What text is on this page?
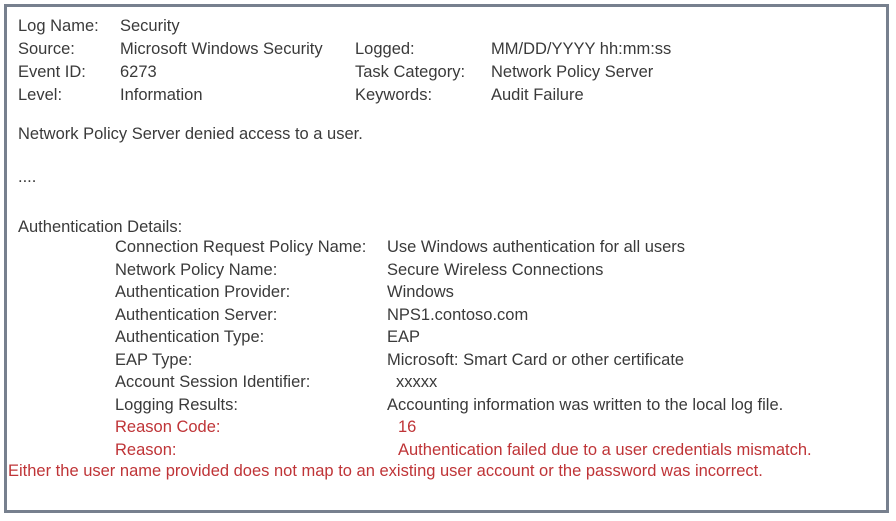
Log Name: Security
Source:	Microsoft Windows Security Logged:	MM/DD/YYYY hh:mm:ss
Event ID: 6273	Task Category: Network Policy Server
Level:	Information	Keywords:	Audit Failure
Network Policy Server denied access to a user.
....
Authentication Details:
Connection Request Policy Name: Use Windows authentication for all users
Network Policy Name:	Secure Wireless Connections
Authentication Provider:	Windows
Authentication Server:	NPS1.contoso.com
Authentication Type:	EAP
EAP Type:	Microsoft: Smart Card or other certificate
Account Session Identifier:	xxxxx
Logging Results:	Accounting information was written to the local log file.
Reason Code:	16
Reason:	Authentication failed due to a user credentials mismatch.
Either the user name provided does not map to an existing user account or the password was incorrect.
